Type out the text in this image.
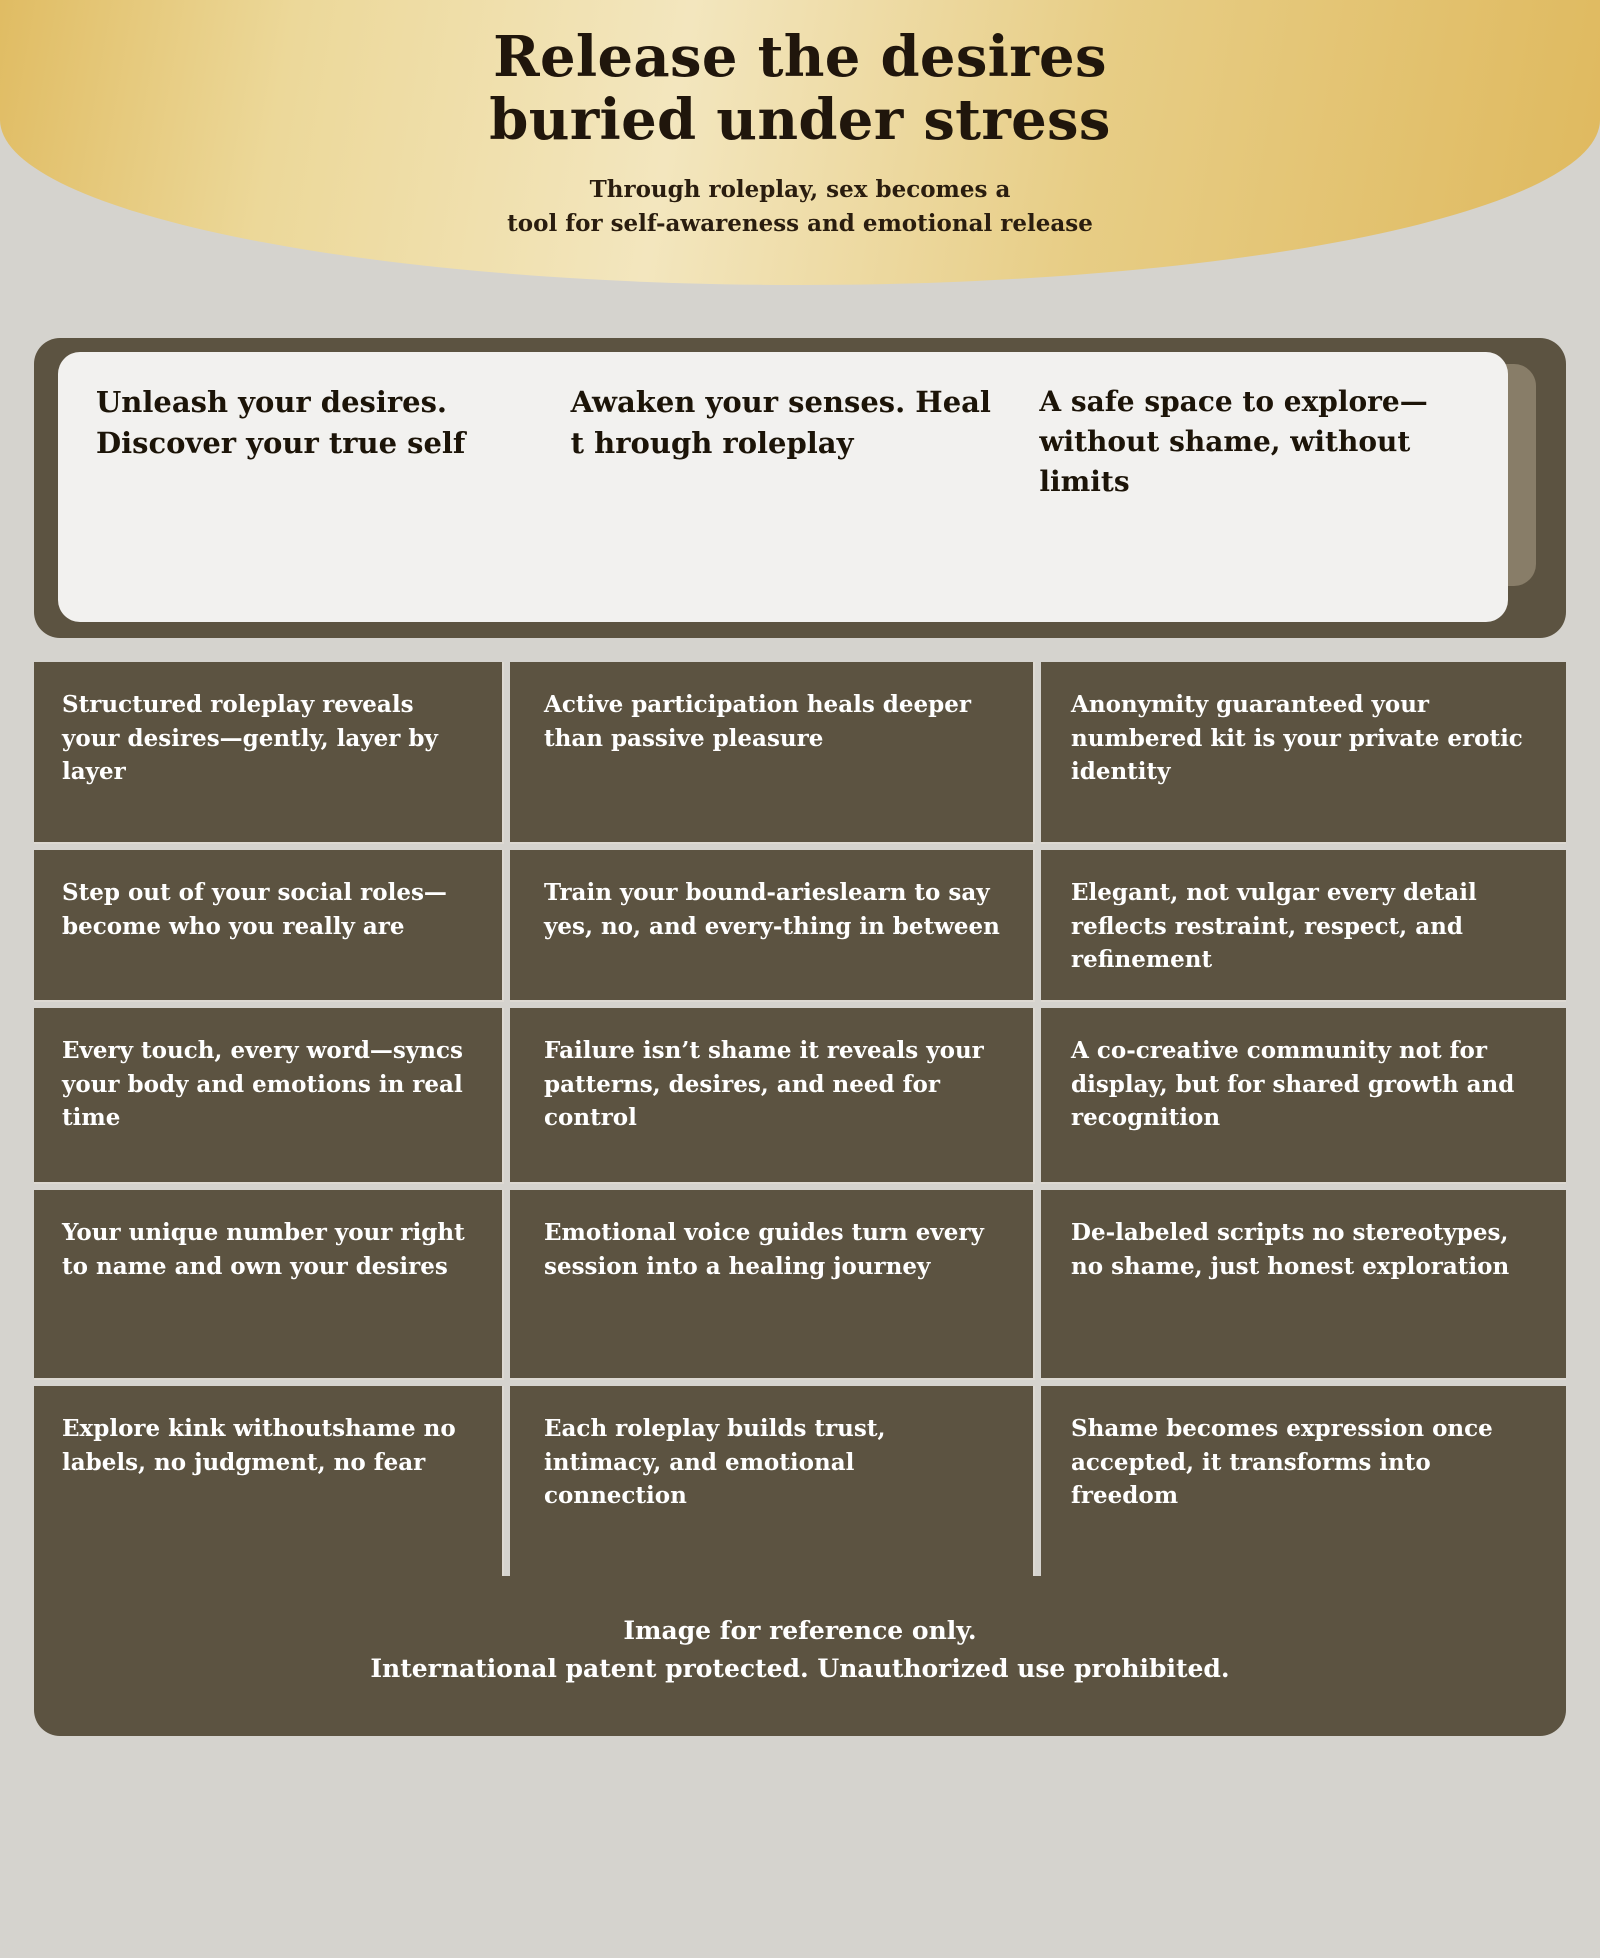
Release the desires
buried under stress
Through roleplay, sex becomes a
tool for self-awareness and emotional release
Unleash your desires. Discover your true self
Awaken your senses. Heal t hrough roleplay
A safe space to explore—without shame, without limits
Structured roleplay reveals your desires—gently, layer by layer
Active participation heals deeper than passive pleasure
Anonymity guaranteed your numbered kit is your private erotic identity
Step out of your social roles—become who you really are
Train your bound-arieslearn to say yes, no, and every-thing in between
Elegant, not vulgar every detail reflects restraint, respect, and refinement
Every touch, every word—syncs your body and emotions in real time
Failure isn’t shame it reveals your patterns, desires, and need for control
A co-creative community not for display, but for shared growth and recognition
Your unique number your right to name and own your desires
Emotional voice guides turn every session into a healing journey
De-labeled scripts no stereotypes, no shame, just honest exploration
Explore kink withoutshame no labels, no judgment, no fear
Each roleplay builds trust, intimacy, and emotional connection
Shame becomes expression once accepted, it transforms into freedom
Image for reference only.
International patent protected. Unauthorized use prohibited.
